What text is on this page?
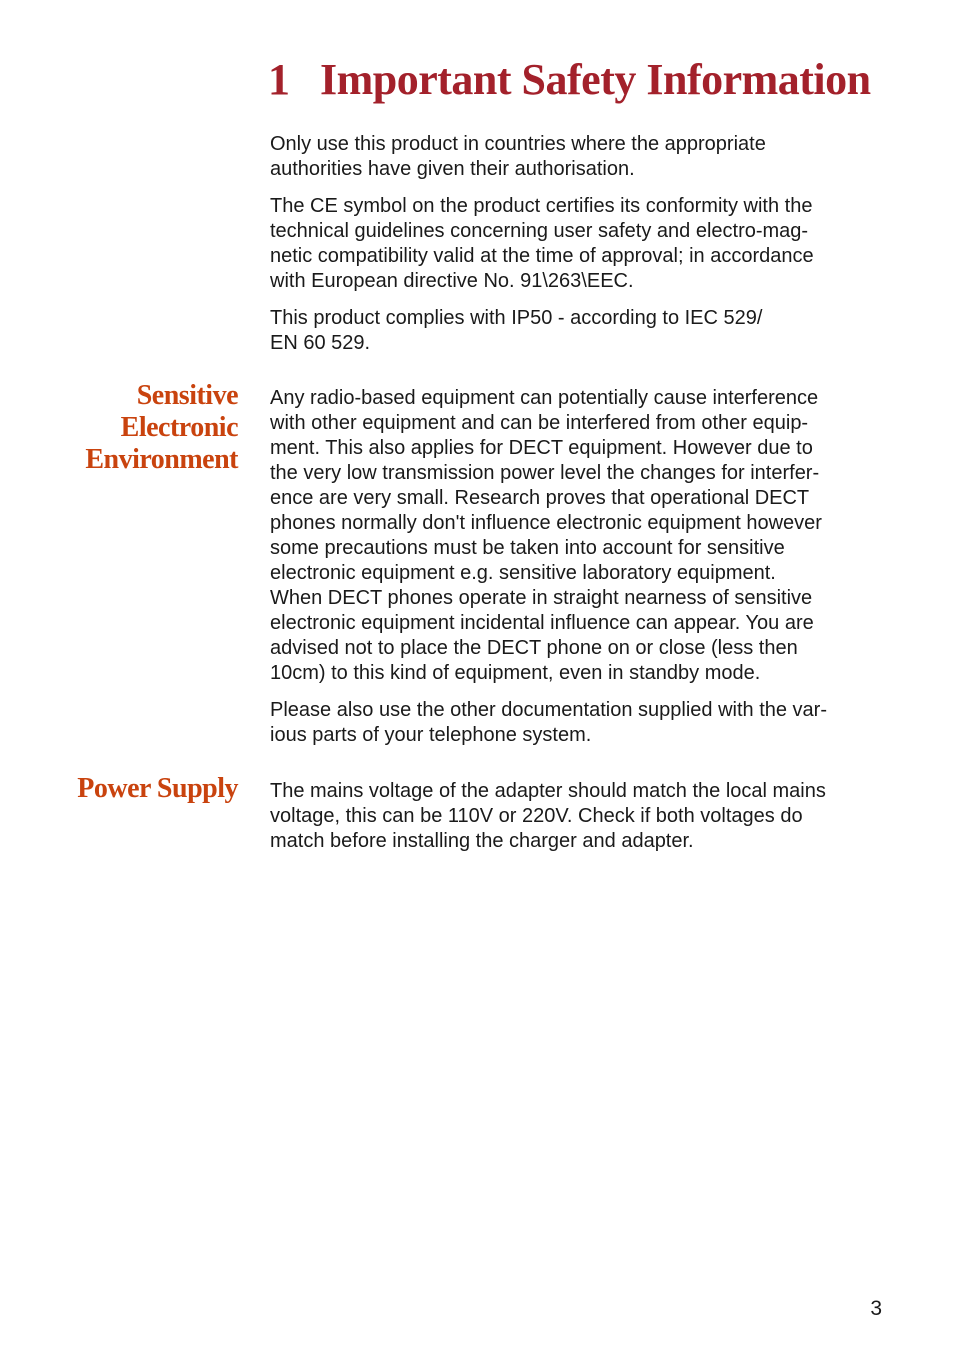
1 Important Safety Information

Only use this product in countries where the appropriate
authorities have given their authorisation.

The CE symbol on the product certifies its conformity with the
technical guidelines concerning user safety and electro-mag-
netic compatibility valid at the time of approval; in accordance
with European directive No. 91\263\EEC.

This product complies with IP50 - according to IEC 529/
EN 60 529.

Sensitive
Electronic
Environment

Any radio-based equipment can potentially cause interference
with other equipment and can be interfered from other equip-
ment. This also applies for DECT equipment. However due to
the very low transmission power level the changes for interfer-
ence are very small. Research proves that operational DECT
phones normally don't influence electronic equipment however
some precautions must be taken into account for sensitive
electronic equipment e.g. sensitive laboratory equipment.
When DECT phones operate in straight nearness of sensitive
electronic equipment incidental influence can appear. You are
advised not to place the DECT phone on or close (less then
10cm) to this kind of equipment, even in standby mode.

Please also use the other documentation supplied with the var-
ious parts of your telephone system.

Power Supply The mains voltage of the adapter should match the local mains
voltage, this can be 110V or 220V. Check if both voltages do
match before installing the charger and adapter.

3
